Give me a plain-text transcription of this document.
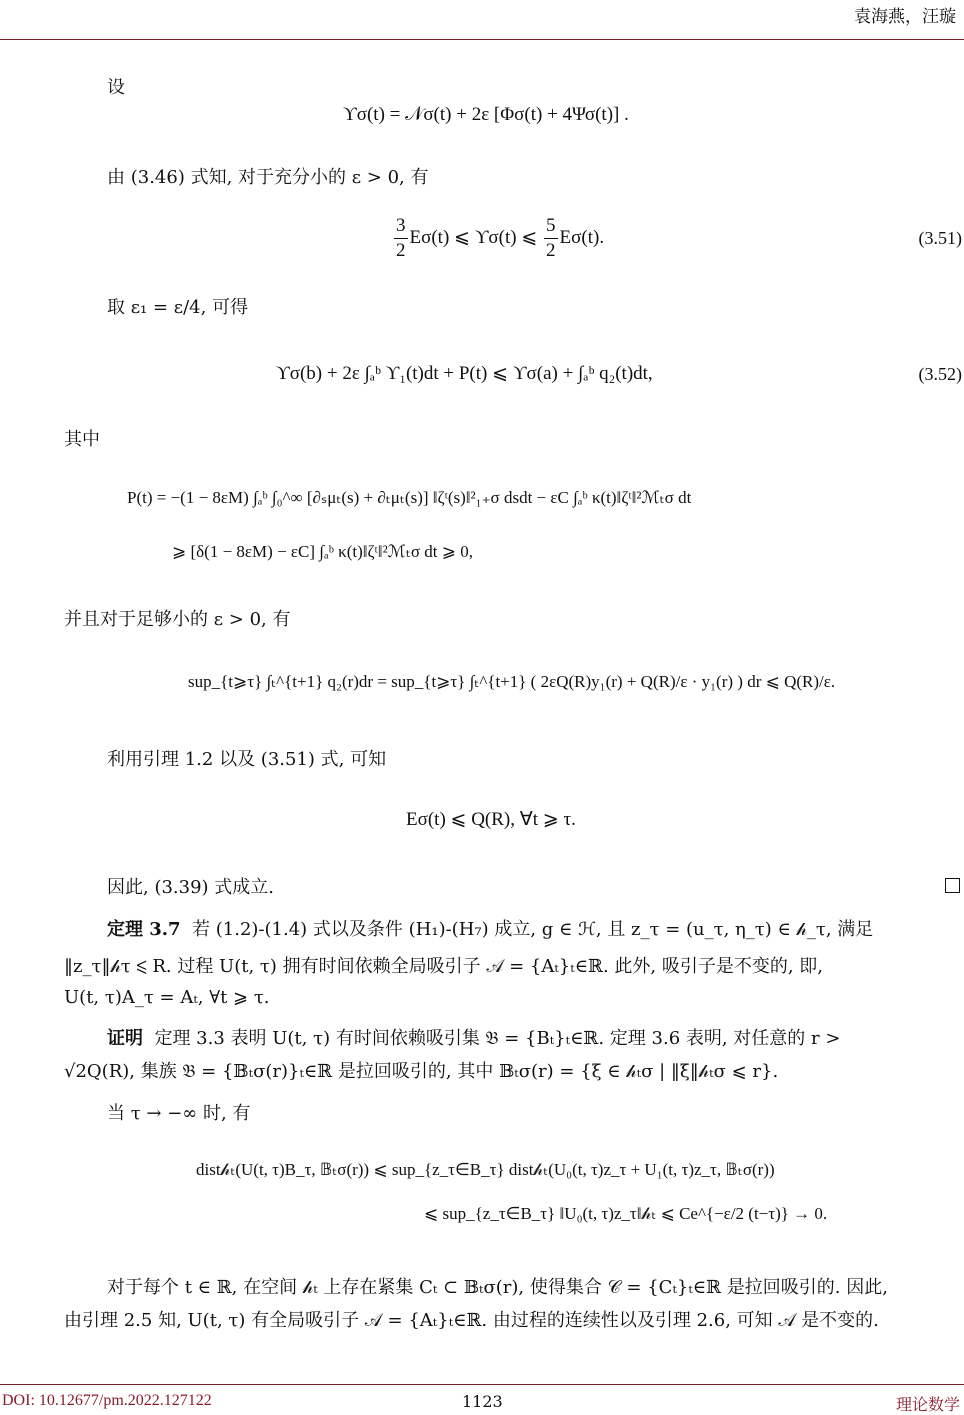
袁海燕，汪璇
设
ϒσ(t) = 𝒩σ(t) + 2ε [Φσ(t) + 4Ψσ(t)] .
由 (3.46) 式知, 对于充分小的 ε > 0, 有
$\frac{3}{2} E\sigma(t)$ ⩽ ϒσ(t) ⩽ $\frac{5}{2} E\sigma(t)$.	(3.51)
取 ε₁ = ε/4, 可得
ϒσ(b) + 2ε ∫ₐᵇ ϒ₁(t)dt + P(t) ⩽ ϒσ(a) + ∫ₐᵇ q₂(t)dt,	(3.52)
其中
P(t) = −(1 − 8εM) ∫ₐᵇ ∫₀^∞ [∂ₛμₜ(s) + ∂ₜμₜ(s)] ‖ζᵗ(s)‖²₁₊σ dsdt − εC ∫ₐᵇ κ(t)‖ζᵗ‖²ℳₜσ dt
⩾ [δ(1 − 8εM) − εC] ∫ₐᵇ κ(t)‖ζᵗ‖²ℳₜσ dt ⩾ 0,
并且对于足够小的 ε > 0, 有
sup_{t⩾τ} ∫ₜ^{t+1} q₂(r)dr = sup_{t⩾τ} ∫ₜ^{t+1} ( 2εQ(R)y₁(r) + Q(R)/ε · y₁(r) ) dr ⩽ Q(R)/ε.
利用引理 1.2 以及 (3.51) 式, 可知
Eσ(t) ⩽ Q(R), ∀t ⩾ τ.
因此, (3.39) 式成立.
定理 3.7 若 (1.2)-(1.4) 式以及条件 (H₁)-(H₇) 成立, g ∈ ℋ, 且 z_τ = (u_τ, η_τ) ∈ 𝒽_τ, 满足
‖z_τ‖𝒽τ ⩽ R. 过程 U(t, τ) 拥有时间依赖全局吸引子 𝒜 = {Aₜ}ₜ∈ℝ. 此外, 吸引子是不变的, 即,
U(t, τ)A_τ = Aₜ, ∀t ⩾ τ.
证明 定理 3.3 表明 U(t, τ) 有时间依赖吸引集 𝔅 = {Bₜ}ₜ∈ℝ. 定理 3.6 表明, 对任意的 r >
√2Q(R), 集族 𝔅 = {𝔹ₜσ(r)}ₜ∈ℝ 是拉回吸引的, 其中 𝔹ₜσ(r) = {ξ ∈ 𝒽ₜσ | ‖ξ‖𝒽ₜσ ⩽ r}.
当 τ → −∞ 时, 有
dist𝒽ₜ(U(t, τ)B_τ, 𝔹ₜσ(r)) ⩽ sup_{z_τ∈B_τ} dist𝒽ₜ(U₀(t, τ)z_τ + U₁(t, τ)z_τ, 𝔹ₜσ(r))
⩽ sup_{z_τ∈B_τ} ‖U₀(t, τ)z_τ‖𝒽ₜ ⩽ Ce^{−ε/2 (t−τ)} → 0.
对于每个 t ∈ ℝ, 在空间 𝒽ₜ 上存在紧集 Cₜ ⊂ 𝔹ₜσ(r), 使得集合 𝒞 = {Cₜ}ₜ∈ℝ 是拉回吸引的. 因此,
由引理 2.5 知, U(t, τ) 有全局吸引子 𝒜 = {Aₜ}ₜ∈ℝ. 由过程的连续性以及引理 2.6, 可知 𝒜 是不变的.
DOI: 10.12677/pm.2022.127122	1123	理论数学
